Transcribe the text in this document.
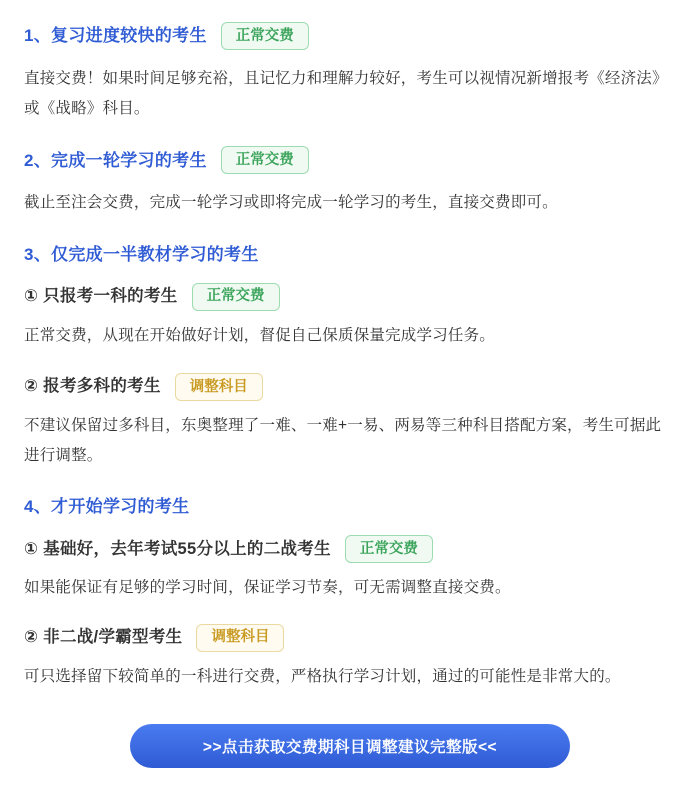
1、复习进度较快的考生	正常交费

直接交费！如果时间足够充裕，且记忆力和理解力较好，考生可以视情况新增报考《经济法》或《战略》科目。

2、完成一轮学习的考生	正常交费

截止至注会交费，完成一轮学习或即将完成一轮学习的考生，直接交费即可。

3、仅完成一半教材学习的考生
① 只报考一科的考生	正常交费

正常交费，从现在开始做好计划，督促自己保质保量完成学习任务。

② 报考多科的考生	调整科目

不建议保留过多科目，东奥整理了一难、一难+一易、两易等三种科目搭配方案，考生可据此进行调整。

4、才开始学习的考生
① 基础好，去年考试55分以上的二战考生	正常交费

如果能保证有足够的学习时间，保证学习节奏，可无需调整直接交费。

② 非二战/学霸型考生	调整科目

可只选择留下较简单的一科进行交费，严格执行学习计划，通过的可能性是非常大的。

>>点击获取交费期科目调整建议完整版<<
